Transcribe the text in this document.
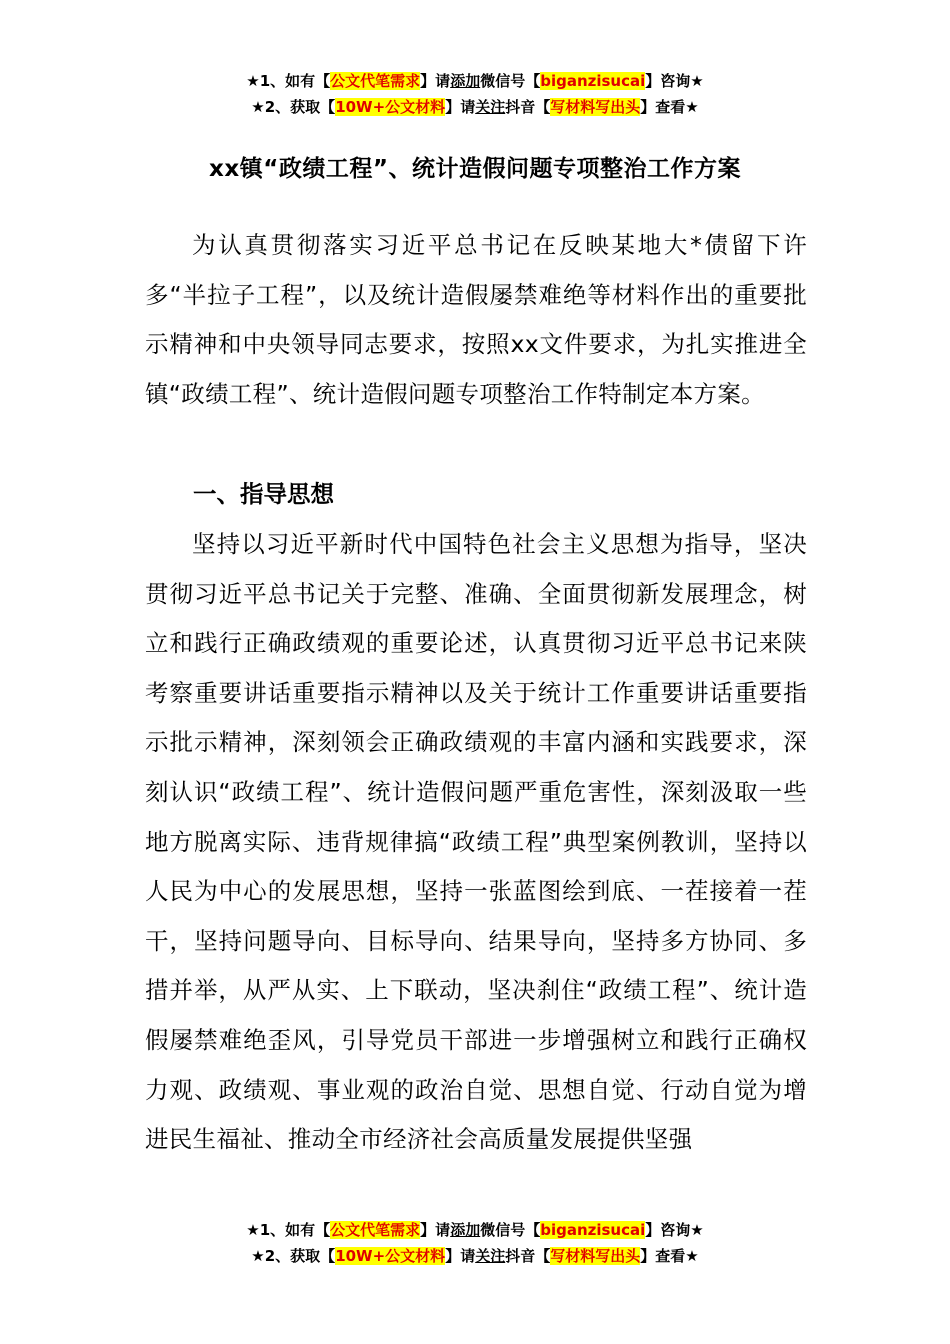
★1、如有【公文代笔需求】请添加微信号【biganzisucai】咨询★
★2、获取【10W+公文材料】请关注抖音【写材料写出头】查看★
xx镇“政绩工程”、统计造假问题专项整治工作方案
为认真贯彻落实习近平总书记在反映某地大*债留下许多“半拉子工程”，以及统计造假屡禁难绝等材料作出的重要批示精神和中央领导同志要求，按照xx文件要求，为扎实推进全镇“政绩工程”、统计造假问题专项整治工作特制定本方案。
一、指导思想
坚持以习近平新时代中国特色社会主义思想为指导，坚决贯彻习近平总书记关于完整、准确、全面贯彻新发展理念，树立和践行正确政绩观的重要论述，认真贯彻习近平总书记来陕考察重要讲话重要指示精神以及关于统计工作重要讲话重要指示批示精神，深刻领会正确政绩观的丰富内涵和实践要求，深刻认识“政绩工程”、统计造假问题严重危害性，深刻汲取一些地方脱离实际、违背规律搞“政绩工程”典型案例教训，坚持以人民为中心的发展思想，坚持一张蓝图绘到底、一茬接着一茬干，坚持问题导向、目标导向、结果导向，坚持多方协同、多措并举，从严从实、上下联动，坚决刹住“政绩工程”、统计造假屡禁难绝歪风，引导党员干部进一步增强树立和践行正确权力观、政绩观、事业观的政治自觉、思想自觉、行动自觉为增进民生福祉、推动全市经济社会高质量发展提供坚强
★1、如有【公文代笔需求】请添加微信号【biganzisucai】咨询★
★2、获取【10W+公文材料】请关注抖音【写材料写出头】查看★
